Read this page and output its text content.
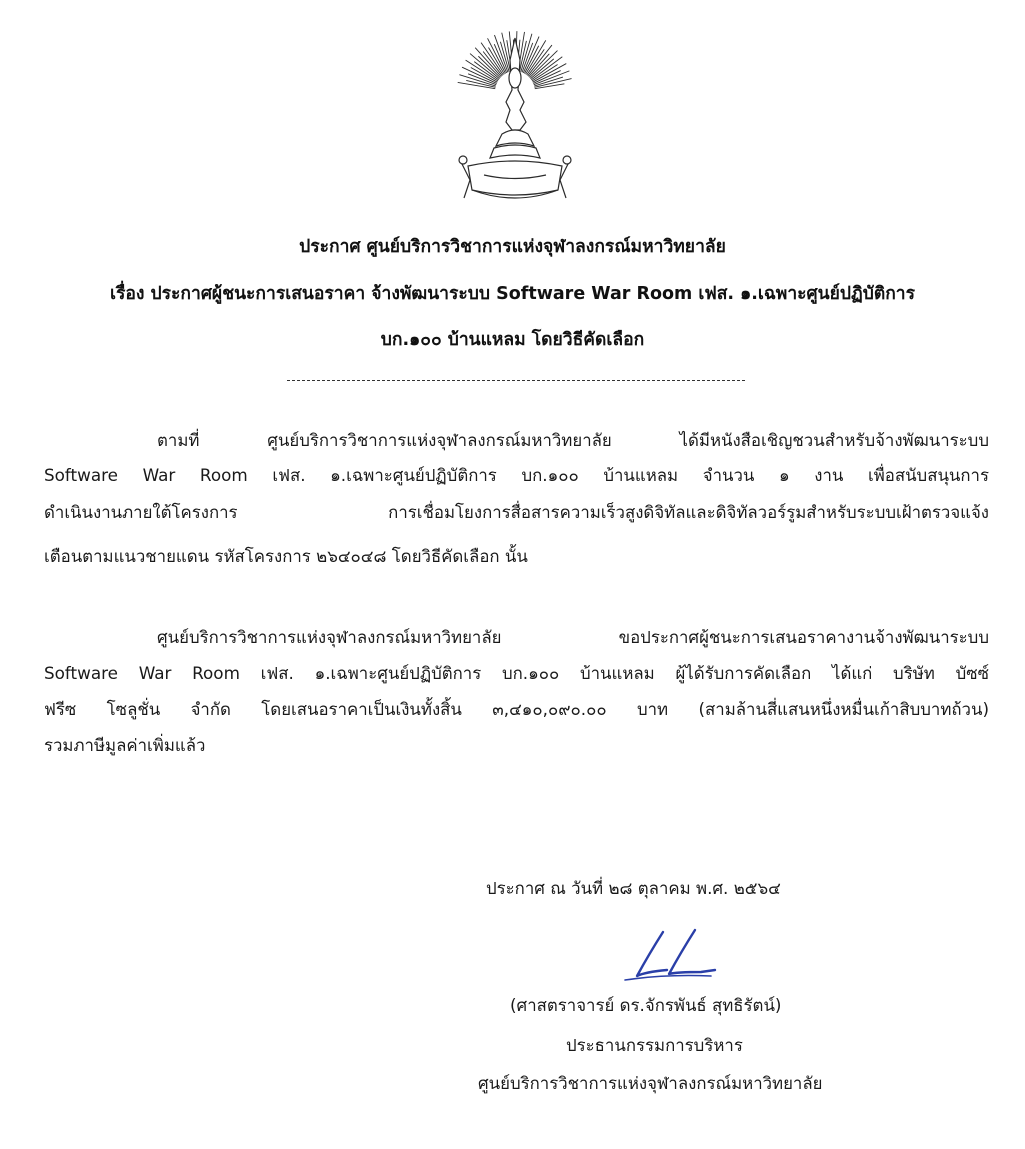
ประกาศ ศูนย์บริการวิชาการแห่งจุฬาลงกรณ์มหาวิทยาลัย
เรื่อง ประกาศผู้ชนะการเสนอราคา จ้างพัฒนาระบบ Software War Room เฟส. ๑.เฉพาะศูนย์ปฏิบัติการ
บก.๑๐๐ บ้านแหลม โดยวิธีคัดเลือก
ตามที่ ศูนย์บริการวิชาการแห่งจุฬาลงกรณ์มหาวิทยาลัย ได้มีหนังสือเชิญชวนสำหรับจ้างพัฒนาระบบ
Software War Room เฟส. ๑.เฉพาะศูนย์ปฏิบัติการ บก.๑๐๐ บ้านแหลม จำนวน ๑ งาน เพื่อสนับสนุนการ
ดำเนินงานภายใต้โครงการ การเชื่อมโยงการสื่อสารความเร็วสูงดิจิทัลและดิจิทัลวอร์รูมสำหรับระบบเฝ้าตรวจแจ้ง
เตือนตามแนวชายแดน รหัสโครงการ ๒๖๔๐๔๘ โดยวิธีคัดเลือก นั้น
ศูนย์บริการวิชาการแห่งจุฬาลงกรณ์มหาวิทยาลัย ขอประกาศผู้ชนะการเสนอราคางานจ้างพัฒนาระบบ
Software War Room เฟส. ๑.เฉพาะศูนย์ปฏิบัติการ บก.๑๐๐ บ้านแหลม ผู้ได้รับการคัดเลือก ได้แก่ บริษัท บัซซ์
ฟรีซ โซลูชั่น จำกัด โดยเสนอราคาเป็นเงินทั้งสิ้น ๓,๔๑๐,๐๙๐.๐๐ บาท (สามล้านสี่แสนหนึ่งหมื่นเก้าสิบบาทถ้วน)
รวมภาษีมูลค่าเพิ่มแล้ว
ประกาศ ณ วันที่ ๒๘ ตุลาคม พ.ศ. ๒๕๖๔
(ศาสตราจารย์ ดร.จักรพันธ์ สุทธิรัตน์)
ประธานกรรมการบริหาร
ศูนย์บริการวิชาการแห่งจุฬาลงกรณ์มหาวิทยาลัย
